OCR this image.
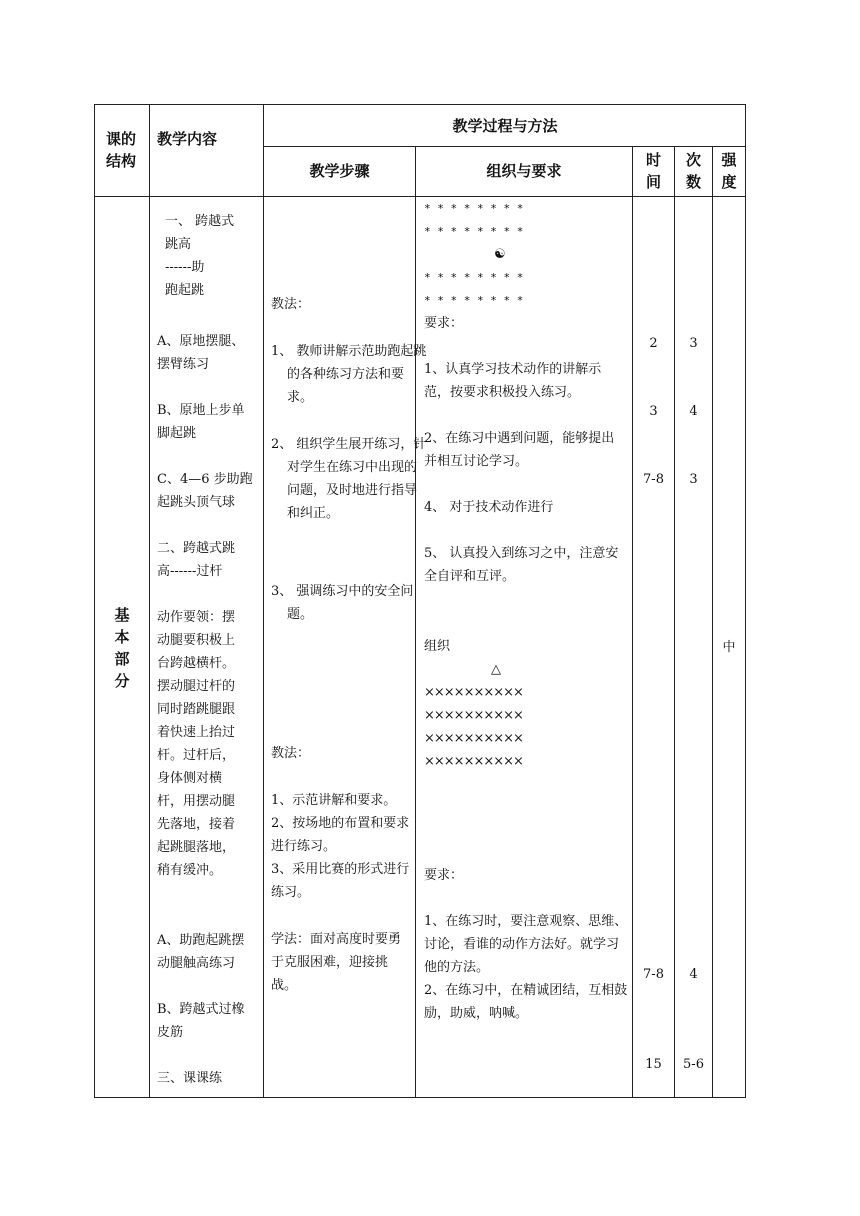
课的
结构
教学内容
教学过程与方法
教学步骤	组织与要求
时
间
次
数
强
度
基
本
部
分
一、 跨越式
跳高
------助
跑起跳
A、原地摆腿、
摆臂练习
B、原地上步单
脚起跳
C、4—6 步助跑
起跳头顶气球
二、跨越式跳
高------过杆
动作要领：摆
动腿要积极上
台跨越横杆。
摆动腿过杆的
同时踏跳腿跟
着快速上抬过
杆。过杆后，
身体侧对横
杆，用摆动腿
先落地，接着
起跳腿落地，
稍有缓冲。
A、助跑起跳摆
动腿触高练习
B、跨越式过橡
皮筋
三、课课练
教法：
1、 教师讲解示范助跑起跳的各种练习方法和要求。
2、 组织学生展开练习，针对学生在练习中出现的问题，及时地进行指导和纠正。
3、 强调练习中的安全问题。
教法：
1、示范讲解和要求。
2、按场地的布置和要求进行练习。
3、采用比赛的形式进行练习。
学法：面对高度时要勇于克服困难，迎接挑战。
* * * * * * * *
* * * * * * * *
☯
* * * * * * * *
* * * * * * * *
要求：
1、认真学习技术动作的讲解示范，按要求积极投入练习。
2、在练习中遇到问题，能够提出并相互讨论学习。
4、 对于技术动作进行
5、 认真投入到练习之中，注意安全自评和互评。
组织
△
××××××××××
××××××××××
××××××××××
××××××××××
要求：
1、在练习时，要注意观察、思维、讨论，看谁的动作方法好。就学习他的方法。
2、在练习中，在精诚团结，互相鼓励，助威，呐喊。
2
3
7-8
7-8
15
3
4
3
4
5-6
中
